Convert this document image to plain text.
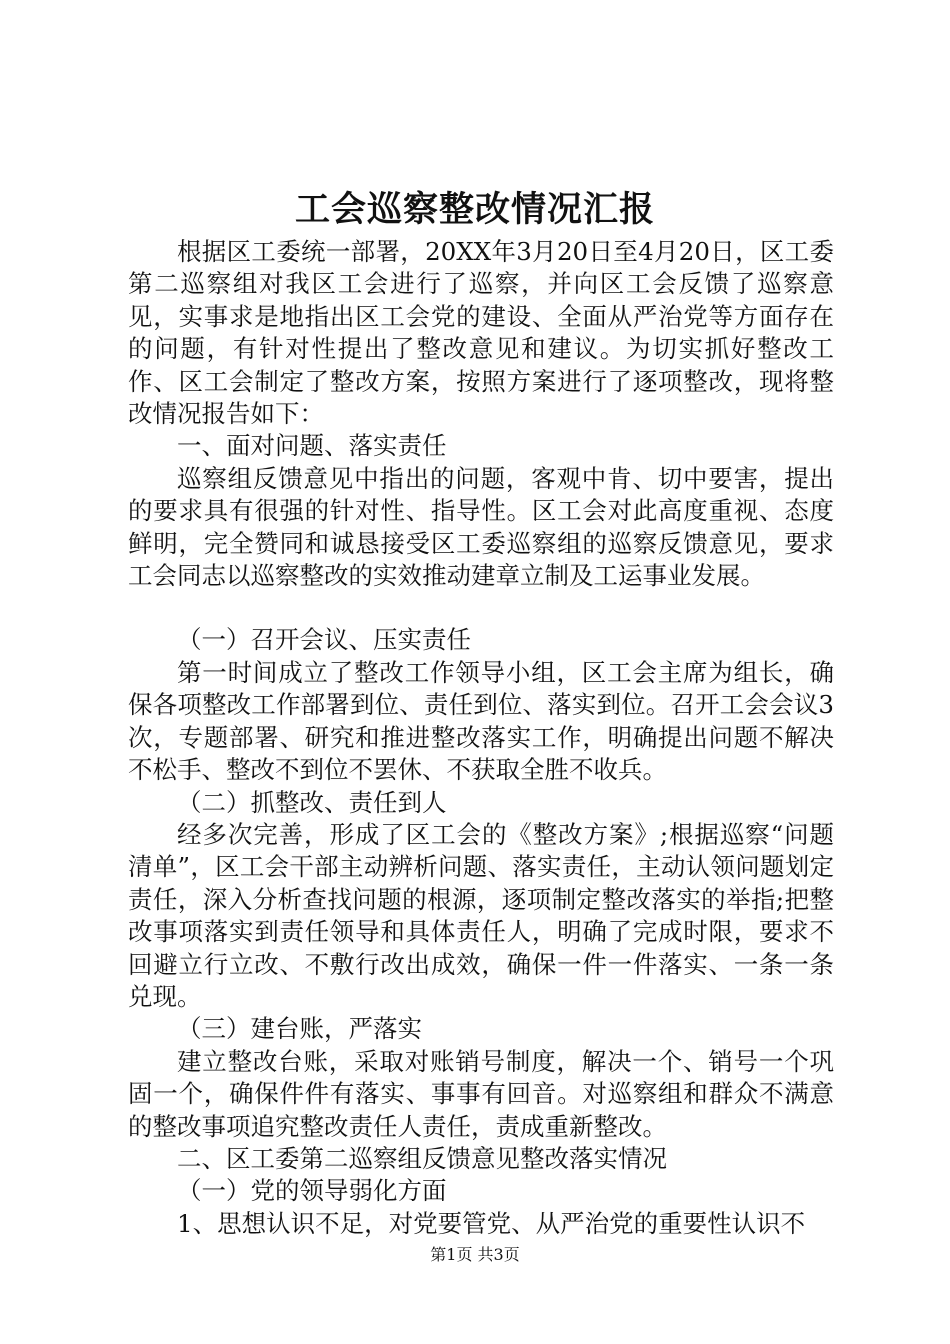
工会巡察整改情况汇报

根据区工委统一部署，20XX年3月20日至4月20日，区工委第二巡察组对我区工会进行了巡察，并向区工会反馈了巡察意见，实事求是地指出区工会党的建设、全面从严治党等方面存在的问题，有针对性提出了整改意见和建议。为切实抓好整改工作、区工会制定了整改方案，按照方案进行了逐项整改，现将整改情况报告如下：

一、面对问题、落实责任

巡察组反馈意见中指出的问题，客观中肯、切中要害，提出的要求具有很强的针对性、指导性。区工会对此高度重视、态度鲜明，完全赞同和诚恳接受区工委巡察组的巡察反馈意见，要求工会同志以巡察整改的实效推动建章立制及工运事业发展。

（一）召开会议、压实责任

第一时间成立了整改工作领导小组，区工会主席为组长，确保各项整改工作部署到位、责任到位、落实到位。召开工会会议3次，专题部署、研究和推进整改落实工作，明确提出问题不解决不松手、整改不到位不罢休、不获取全胜不收兵。

（二）抓整改、责任到人

经多次完善，形成了区工会的《整改方案》;根据巡察“问题清单”，区工会干部主动辨析问题、落实责任，主动认领问题划定责任，深入分析查找问题的根源，逐项制定整改落实的举指;把整改事项落实到责任领导和具体责任人，明确了完成时限，要求不回避立行立改、不敷行改出成效，确保一件一件落实、一条一条兑现。

（三）建台账，严落实

建立整改台账，采取对账销号制度，解决一个、销号一个巩固一个，确保件件有落实、事事有回音。对巡察组和群众不满意的整改事项追究整改责任人责任，责成重新整改。

二、区工委第二巡察组反馈意见整改落实情况

（一）党的领导弱化方面

1、思想认识不足，对党要管党、从严治党的重要性认识不

第1页 共3页
